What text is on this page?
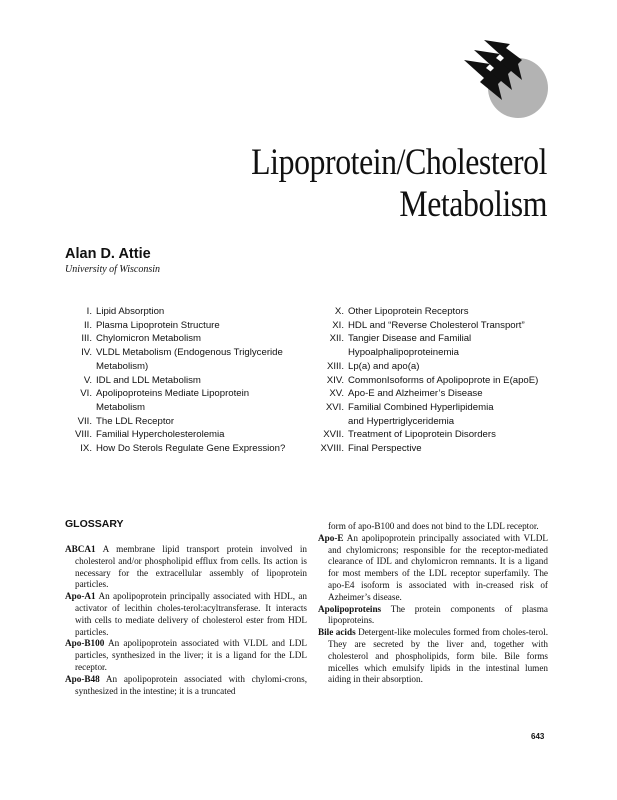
Lipoprotein/Cholesterol
Metabolism
Alan D. Attie
University of Wisconsin
I. Lipid Absorption
II. Plasma Lipoprotein Structure
III. Chylomicron Metabolism
IV. VLDL Metabolism (Endogenous Triglyceride
Metabolism)
V. IDL and LDL Metabolism
VI. Apolipoproteins Mediate Lipoprotein
Metabolism
VII. The LDL Receptor
VIII. Familial Hypercholesterolemia
IX. How Do Sterols Regulate Gene Expression?
X. Other Lipoprotein Receptors
XI. HDL and “Reverse Cholesterol Transport”
XII. Tangier Disease and Familial
Hypoalphalipoproteinemia
XIII. Lp(a) and apo(a)
XIV. CommonIsoforms of Apolipoprote in E(apoE)
XV. Apo-E and Alzheimer’s Disease
XVI. Familial Combined Hyperlipidemia
and Hypertriglyceridemia
XVII. Treatment of Lipoprotein Disorders
XVIII. Final Perspective
GLOSSARY

ABCA1 A membrane lipid transport protein involved in cholesterol and/or phospholipid efflux from cells. Its action is necessary for the extracellular assembly of lipoprotein particles.

Apo-A1 An apolipoprotein principally associated with HDL, an activator of lecithin choles-terol:acyltransferase. It interacts with cells to mediate delivery of cholesterol ester from HDL particles.

Apo-B100 An apolipoprotein associated with VLDL and LDL particles, synthesized in the liver; it is a ligand for the LDL receptor.

Apo-B48 An apolipoprotein associated with chylomi-crons, synthesized in the intestine; it is a truncated

form of apo-B100 and does not bind to the LDL receptor.

Apo-E An apolipoprotein principally associated with VLDL and chylomicrons; responsible for the receptor-mediated clearance of IDL and chylomicron remnants. It is a ligand for most members of the LDL receptor superfamily. The apo-E4 isoform is associated with in-creased risk of Azheimer’s disease.

Apolipoproteins The protein components of plasma lipoproteins.

Bile acids Detergent-like molecules formed from choles-terol. They are secreted by the liver and, together with cholesterol and phospholipids, form bile. Bile forms micelles which emulsify lipids in the intestinal lumen aiding in their absorption.

643
